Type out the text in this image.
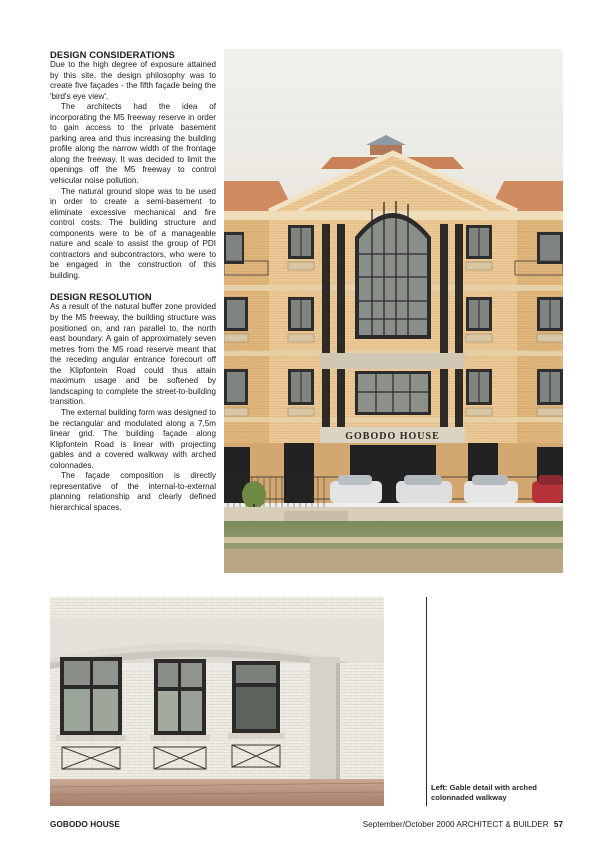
DESIGN CONSIDERATIONS

Due to the high degree of exposure attained by this site, the design philosophy was to create five façades - the fifth façade being the 'bird's eye view'.

The architects had the idea of incorporating the M5 freeway reserve in order to gain access to the private basement parking area and thus increasing the building profile along the narrow width of the frontage along the freeway. It was decided to limit the openings off the M5 freeway to control vehicular noise pollution.

The natural ground slope was to be used in order to create a semi-basement to eliminate excessive mechanical and fire control costs. The building structure and components were to be of a manageable nature and scale to assist the group of PDI contractors and subcontractors, who were to be engaged in the construction of this building.

DESIGN RESOLUTION

As a result of the natural buffer zone provided by the M5 freeway, the building structure was positioned on, and ran parallel to, the north east boundary. A gain of approximately seven metres from the M5 road reserve meant that the receding angular entrance forecourt off the Klipfontein Road could thus attain maximum usage and be softened by landscaping to complete the street-to-building transition.

The external building form was designed to be rectangular and modulated along a 7,5m linear grid. The building façade along Klipfontein Road is linear with projecting gables and a covered walkway with arched colonnades.

The façade composition is directly representative of the internal-to-external planning relationship and clearly defined hierarchical spaces.

GOBODO HOUSE
Left: Gable detail with arched colonnaded walkway
GOBODO HOUSE	September/October 2000 ARCHITECT & BUILDER 57
